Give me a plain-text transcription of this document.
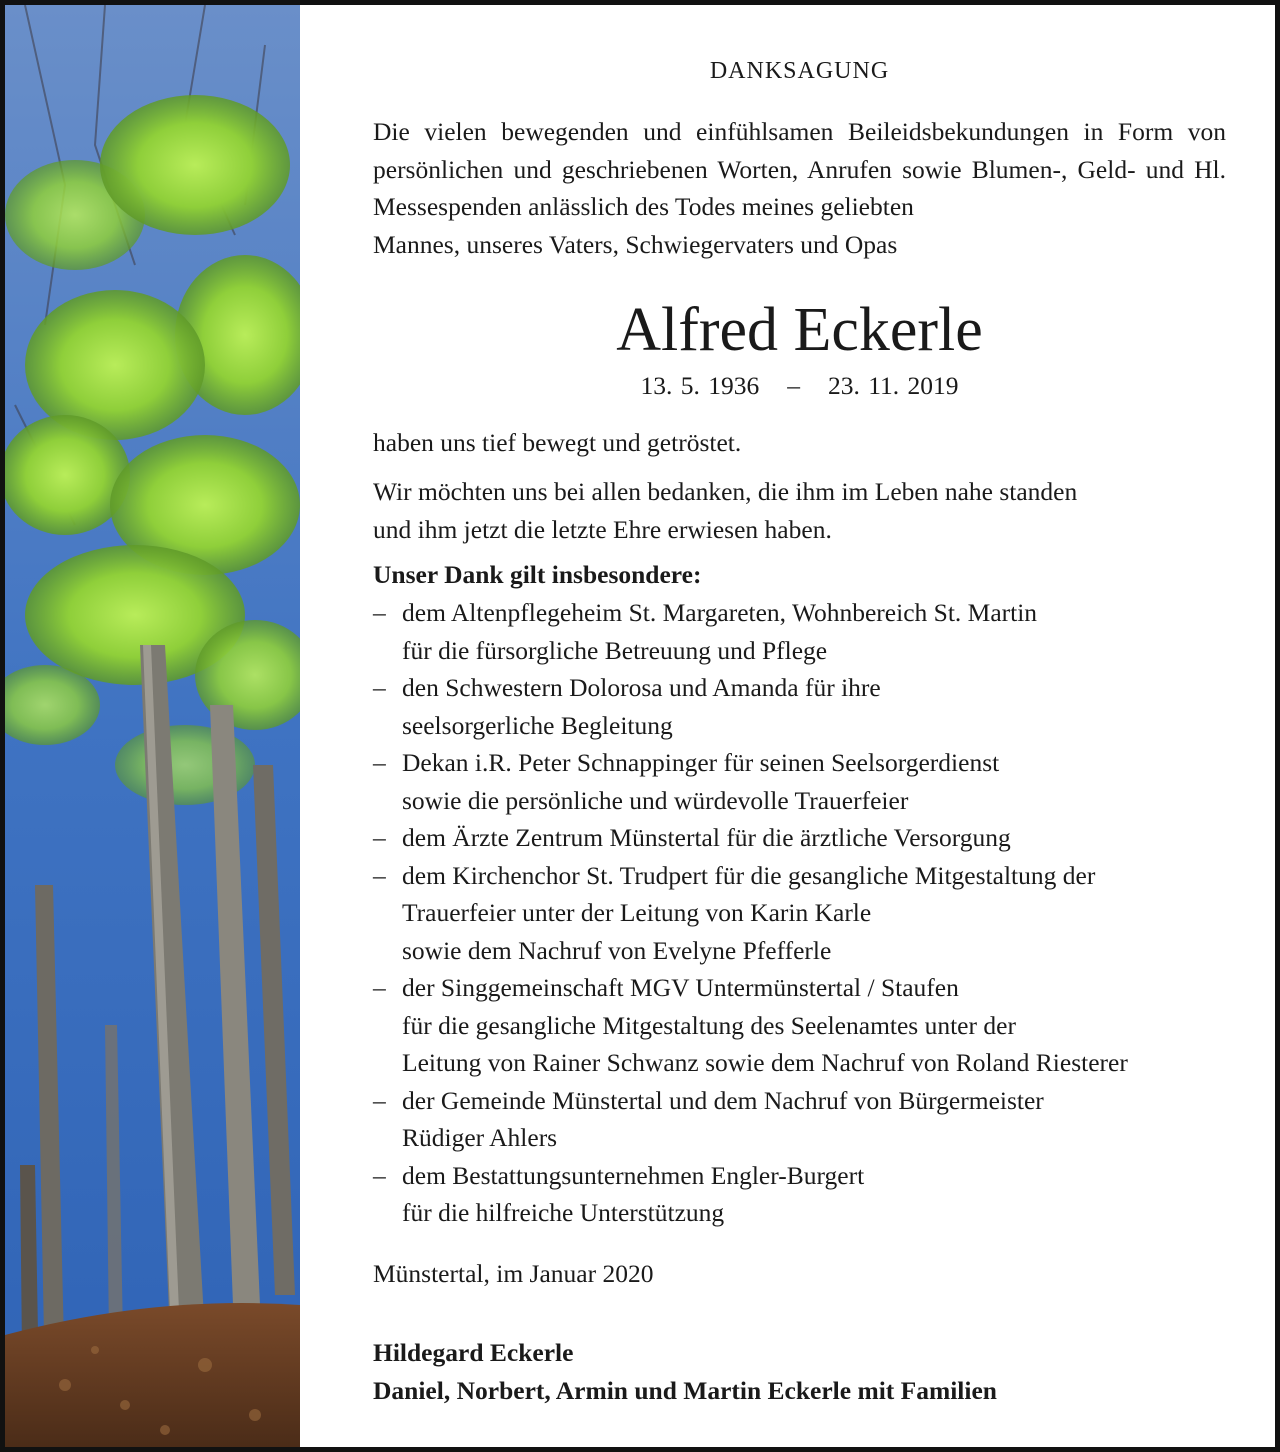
DANKSAGUNG

Die vielen bewegenden und einfühlsamen Beileidsbekundungen in Form von persönlichen und geschriebenen Worten, Anrufen sowie Blumen-, Geld- und Hl. Messespenden anlässlich des Todes meines geliebten
Mannes, unseres Vaters, Schwiegervaters und Opas

Alfred Eckerle
13. 5. 1936 – 23. 11. 2019

haben uns tief bewegt und getröstet.

Wir möchten uns bei allen bedanken, die ihm im Leben nahe standen
und ihm jetzt die letzte Ehre erwiesen haben.

Unser Dank gilt insbesondere:

– dem Altenpflegeheim St. Margareten, Wohnbereich St. Martin
für die fürsorgliche Betreuung und Pflege
– den Schwestern Dolorosa und Amanda für ihre
seelsorgerliche Begleitung
– Dekan i.R. Peter Schnappinger für seinen Seelsorgerdienst
sowie die persönliche und würdevolle Trauerfeier
– dem Ärzte Zentrum Münstertal für die ärztliche Versorgung
– dem Kirchenchor St. Trudpert für die gesangliche Mitgestaltung der
Trauerfeier unter der Leitung von Karin Karle
sowie dem Nachruf von Evelyne Pfefferle
– der Singgemeinschaft MGV Untermünstertal / Staufen
für die gesangliche Mitgestaltung des Seelenamtes unter der
Leitung von Rainer Schwanz sowie dem Nachruf von Roland Riesterer
– der Gemeinde Münstertal und dem Nachruf von Bürgermeister
Rüdiger Ahlers
– dem Bestattungsunternehmen Engler-Burgert
für die hilfreiche Unterstützung

Münstertal, im Januar 2020

Hildegard Eckerle
Daniel, Norbert, Armin und Martin Eckerle mit Familien
